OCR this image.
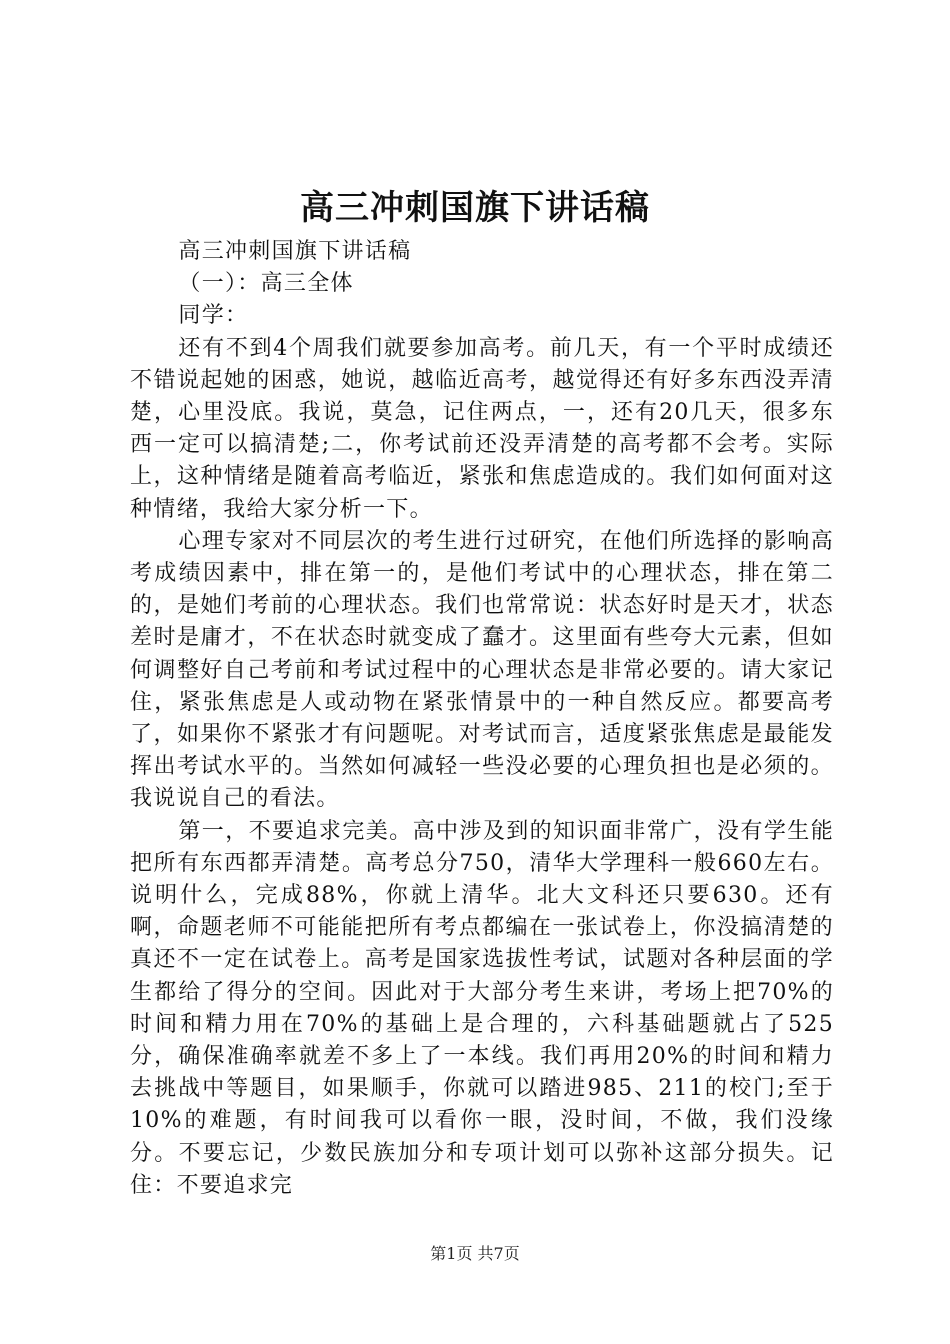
高三冲刺国旗下讲话稿

高三冲刺国旗下讲话稿

（一）：高三全体

同学：

还有不到4个周我们就要参加高考。前几天，有一个平时成绩还不错说起她的困惑，她说，越临近高考，越觉得还有好多东西没弄清楚，心里没底。我说，莫急，记住两点，一，还有20几天，很多东西一定可以搞清楚;二，你考试前还没弄清楚的高考都不会考。实际上，这种情绪是随着高考临近，紧张和焦虑造成的。我们如何面对这种情绪，我给大家分析一下。

心理专家对不同层次的考生进行过研究，在他们所选择的影响高考成绩因素中，排在第一的，是他们考试中的心理状态，排在第二的，是她们考前的心理状态。我们也常常说：状态好时是天才，状态差时是庸才，不在状态时就变成了蠢才。这里面有些夸大元素，但如何调整好自己考前和考试过程中的心理状态是非常必要的。请大家记住，紧张焦虑是人或动物在紧张情景中的一种自然反应。都要高考了，如果你不紧张才有问题呢。对考试而言，适度紧张焦虑是最能发挥出考试水平的。当然如何减轻一些没必要的心理负担也是必须的。我说说自己的看法。

第一，不要追求完美。高中涉及到的知识面非常广，没有学生能把所有东西都弄清楚。高考总分750，清华大学理科一般660左右。说明什么，完成88%，你就上清华。北大文科还只要630。还有啊，命题老师不可能能把所有考点都编在一张试卷上，你没搞清楚的真还不一定在试卷上。高考是国家选拔性考试，试题对各种层面的学生都给了得分的空间。因此对于大部分考生来讲，考场上把70%的时间和精力用在70%的基础上是合理的，六科基础题就占了525分，确保准确率就差不多上了一本线。我们再用20%的时间和精力去挑战中等题目，如果顺手，你就可以踏进985、211的校门;至于10%的难题，有时间我可以看你一眼，没时间，不做，我们没缘分。不要忘记，少数民族加分和专项计划可以弥补这部分损失。记住：不要追求完

第1页 共7页
